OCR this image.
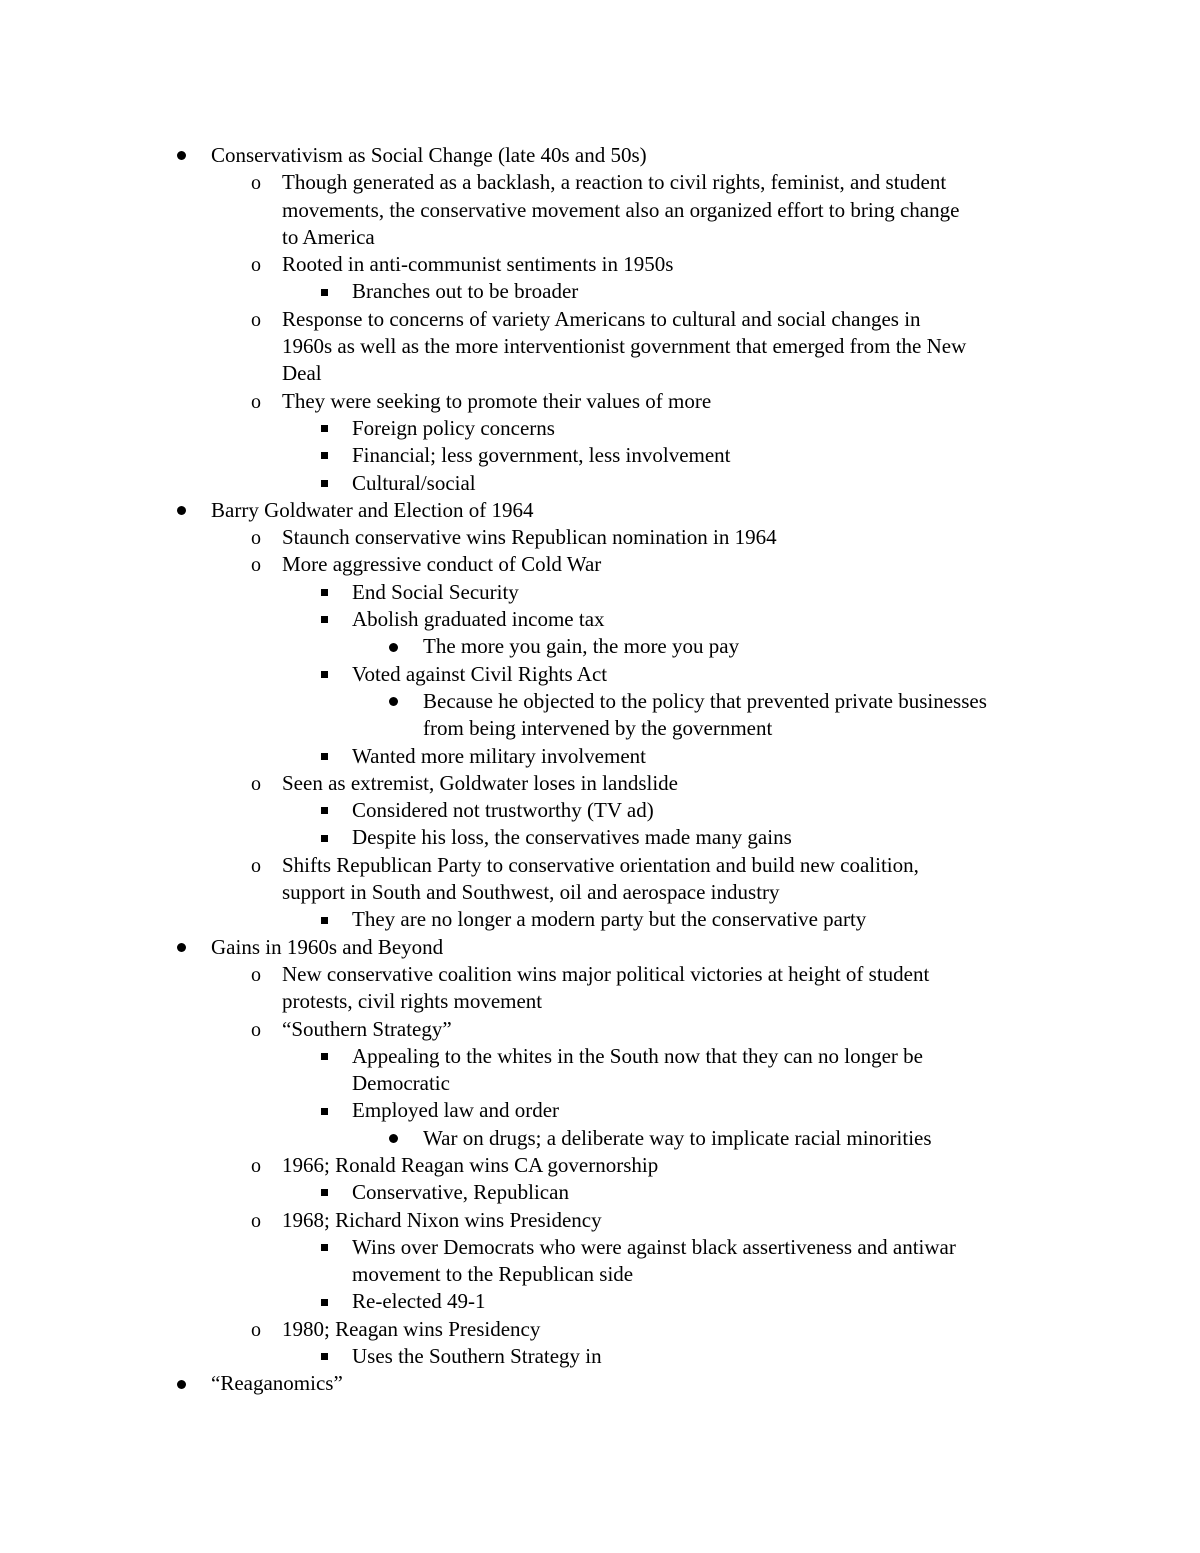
Conservativism as Social Change (late 40s and 50s)
o	Though generated as a backlash, a reaction to civil rights, feminist, and student
movements, the conservative movement also an organized effort to bring change
to America
o	Rooted in anti-communist sentiments in 1950s
Branches out to be broader
o	Response to concerns of variety Americans to cultural and social changes in
1960s as well as the more interventionist government that emerged from the New
Deal
o	They were seeking to promote their values of more
Foreign policy concerns
Financial; less government, less involvement
Cultural/social
Barry Goldwater and Election of 1964
o	Staunch conservative wins Republican nomination in 1964
o	More aggressive conduct of Cold War
End Social Security
Abolish graduated income tax
The more you gain, the more you pay
Voted against Civil Rights Act
Because he objected to the policy that prevented private businesses
from being intervened by the government
Wanted more military involvement
o	Seen as extremist, Goldwater loses in landslide
Considered not trustworthy (TV ad)
Despite his loss, the conservatives made many gains
o	Shifts Republican Party to conservative orientation and build new coalition,
support in South and Southwest, oil and aerospace industry
They are no longer a modern party but the conservative party
Gains in 1960s and Beyond
o	New conservative coalition wins major political victories at height of student
protests, civil rights movement
o	“Southern Strategy”
Appealing to the whites in the South now that they can no longer be
Democratic
Employed law and order
War on drugs; a deliberate way to implicate racial minorities
o	1966; Ronald Reagan wins CA governorship
Conservative, Republican
o	1968; Richard Nixon wins Presidency
Wins over Democrats who were against black assertiveness and antiwar
movement to the Republican side
Re-elected 49-1
o	1980; Reagan wins Presidency
Uses the Southern Strategy in
“Reaganomics”
